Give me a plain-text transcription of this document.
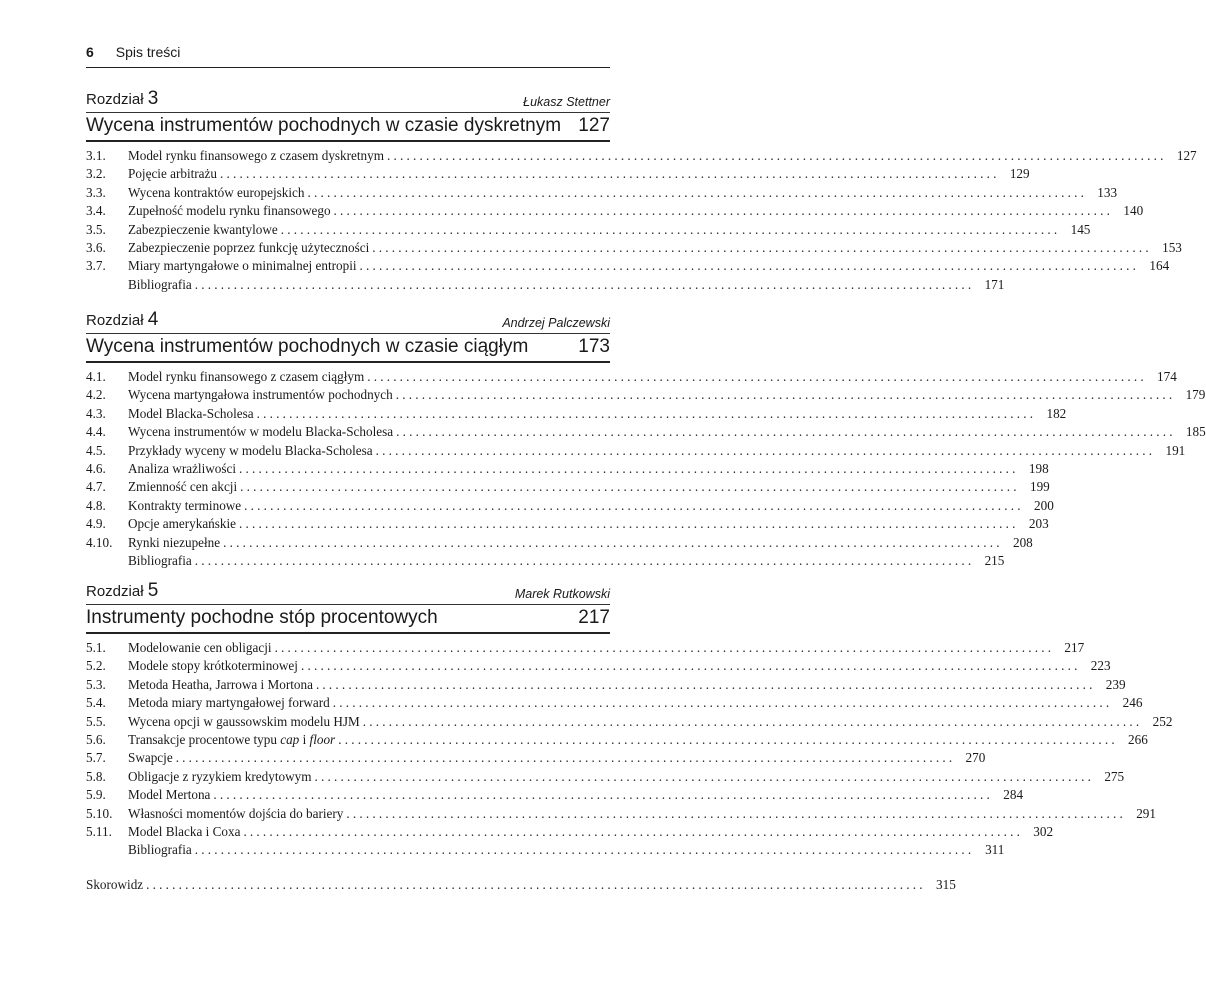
6 Spis treści
Rozdział 3	Łukasz Stettner
Wycena instrumentów pochodnych w czasie dyskretnym 127
3.1.	Model rynku finansowego z czasem dyskretnym ........................................................................................................................ 127
3.2.	Pojęcie arbitrażu ........................................................................................................................ 129
3.3.	Wycena kontraktów europejskich ........................................................................................................................ 133
3.4.	Zupełność modelu rynku finansowego ........................................................................................................................ 140
3.5.	Zabezpieczenie kwantylowe ........................................................................................................................ 145
3.6.	Zabezpieczenie poprzez funkcję użyteczności ........................................................................................................................ 153
3.7.	Miary martyngałowe o minimalnej entropii ........................................................................................................................ 164
Bibliografia ........................................................................................................................ 171
Rozdział 4	Andrzej Palczewski
Wycena instrumentów pochodnych w czasie ciągłym	173
4.1.	Model rynku finansowego z czasem ciągłym ........................................................................................................................ 174
4.2.	Wycena martyngałowa instrumentów pochodnych ........................................................................................................................ 179
4.3.	Model Blacka-Scholesa ........................................................................................................................ 182
4.4.	Wycena instrumentów w modelu Blacka-Scholesa ........................................................................................................................ 185
4.5.	Przykłady wyceny w modelu Blacka-Scholesa ........................................................................................................................ 191
4.6.	Analiza wrażliwości ........................................................................................................................ 198
4.7.	Zmienność cen akcji ........................................................................................................................ 199
4.8.	Kontrakty terminowe ........................................................................................................................ 200
4.9.	Opcje amerykańskie ........................................................................................................................ 203
4.10.	Rynki niezupełne ........................................................................................................................ 208
Bibliografia ........................................................................................................................ 215
Rozdział 5	Marek Rutkowski
Instrumenty pochodne stóp procentowych	217
5.1.	Modelowanie cen obligacji ........................................................................................................................ 217
5.2.	Modele stopy krótkoterminowej ........................................................................................................................ 223
5.3.	Metoda Heatha, Jarrowa i Mortona ........................................................................................................................ 239
5.4.	Metoda miary martyngałowej forward ........................................................................................................................ 246
5.5.	Wycena opcji w gaussowskim modelu HJM ........................................................................................................................ 252
5.6.	Transakcje procentowe typu cap i floor ........................................................................................................................ 266
5.7.	Swapcje ........................................................................................................................ 270
5.8.	Obligacje z ryzykiem kredytowym ........................................................................................................................ 275
5.9.	Model Mertona ........................................................................................................................ 284
5.10.	Własności momentów dojścia do bariery ........................................................................................................................ 291
5.11.	Model Blacka i Coxa ........................................................................................................................ 302
Bibliografia ........................................................................................................................ 311
Skorowidz ........................................................................................................................ 315
